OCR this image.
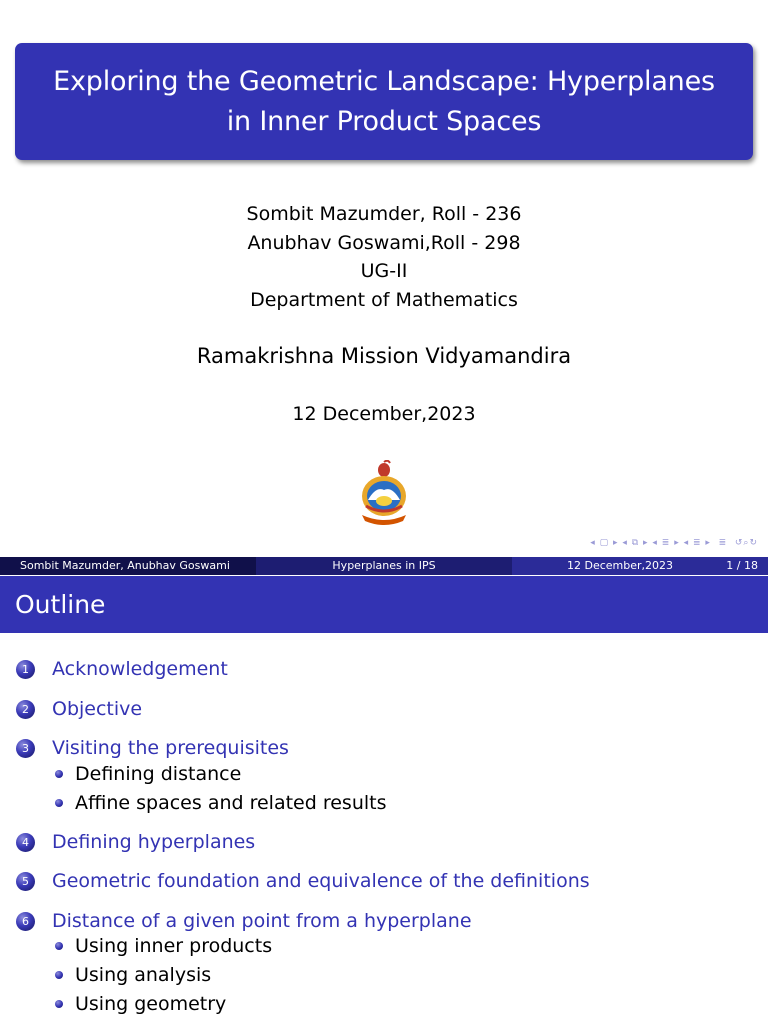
Exploring the Geometric Landscape: Hyperplanes in Inner Product Spaces
Sombit Mazumder, Roll - 236
Anubhav Goswami,Roll - 298
UG-II
Department of Mathematics
Ramakrishna Mission Vidyamandira
12 December,2023
◂ ▢ ▸ ◂ ⧉ ▸ ◂ ≣ ▸ ◂ ≣ ▸  ≣  ↺⌕↻
Sombit Mazumder, Anubhav Goswami	Hyperplanes in IPS	12 December,2023	1 / 18
Outline
1	Acknowledgement
2	Objective
3	Visiting the prerequisites
Defining distance
Affine spaces and related results
4	Defining hyperplanes
5	Geometric foundation and equivalence of the definitions
6	Distance of a given point from a hyperplane
Using inner products
Using analysis
Using geometry
